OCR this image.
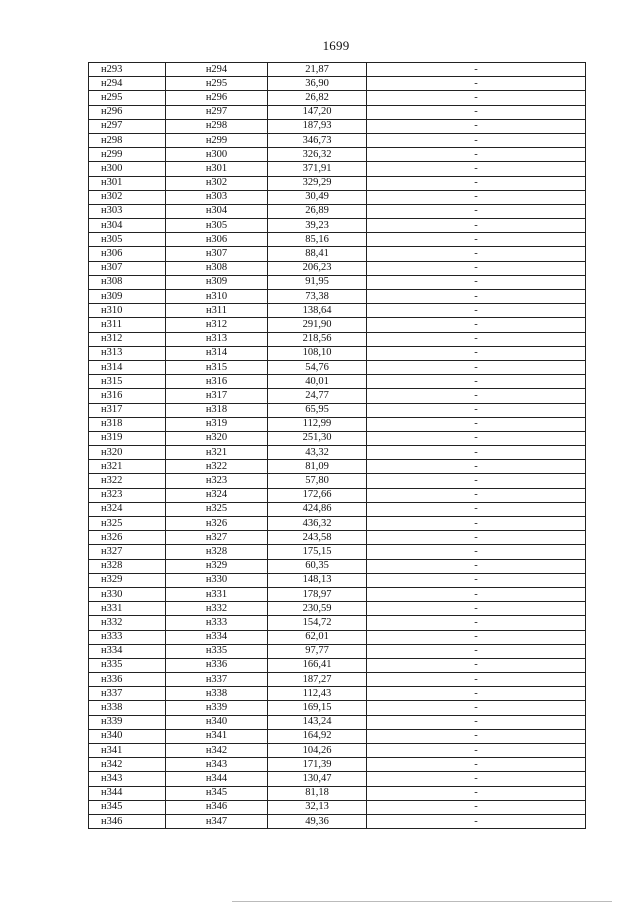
1699
н293	н294	21,87	-
н294	н295	36,90	-
н295	н296	26,82	-
н296	н297	147,20	-
н297	н298	187,93	-
н298	н299	346,73	-
н299	н300	326,32	-
н300	н301	371,91	-
н301	н302	329,29	-
н302	н303	30,49	-
н303	н304	26,89	-
н304	н305	39,23	-
н305	н306	85,16	-
н306	н307	88,41	-
н307	н308	206,23	-
н308	н309	91,95	-
н309	н310	73,38	-
н310	н311	138,64	-
н311	н312	291,90	-
н312	н313	218,56	-
н313	н314	108,10	-
н314	н315	54,76	-
н315	н316	40,01	-
н316	н317	24,77	-
н317	н318	65,95	-
н318	н319	112,99	-
н319	н320	251,30	-
н320	н321	43,32	-
н321	н322	81,09	-
н322	н323	57,80	-
н323	н324	172,66	-
н324	н325	424,86	-
н325	н326	436,32	-
н326	н327	243,58	-
н327	н328	175,15	-
н328	н329	60,35	-
н329	н330	148,13	-
н330	н331	178,97	-
н331	н332	230,59	-
н332	н333	154,72	-
н333	н334	62,01	-
н334	н335	97,77	-
н335	н336	166,41	-
н336	н337	187,27	-
н337	н338	112,43	-
н338	н339	169,15	-
н339	н340	143,24	-
н340	н341	164,92	-
н341	н342	104,26	-
н342	н343	171,39	-
н343	н344	130,47	-
н344	н345	81,18	-
н345	н346	32,13	-
н346	н347	49,36	-
